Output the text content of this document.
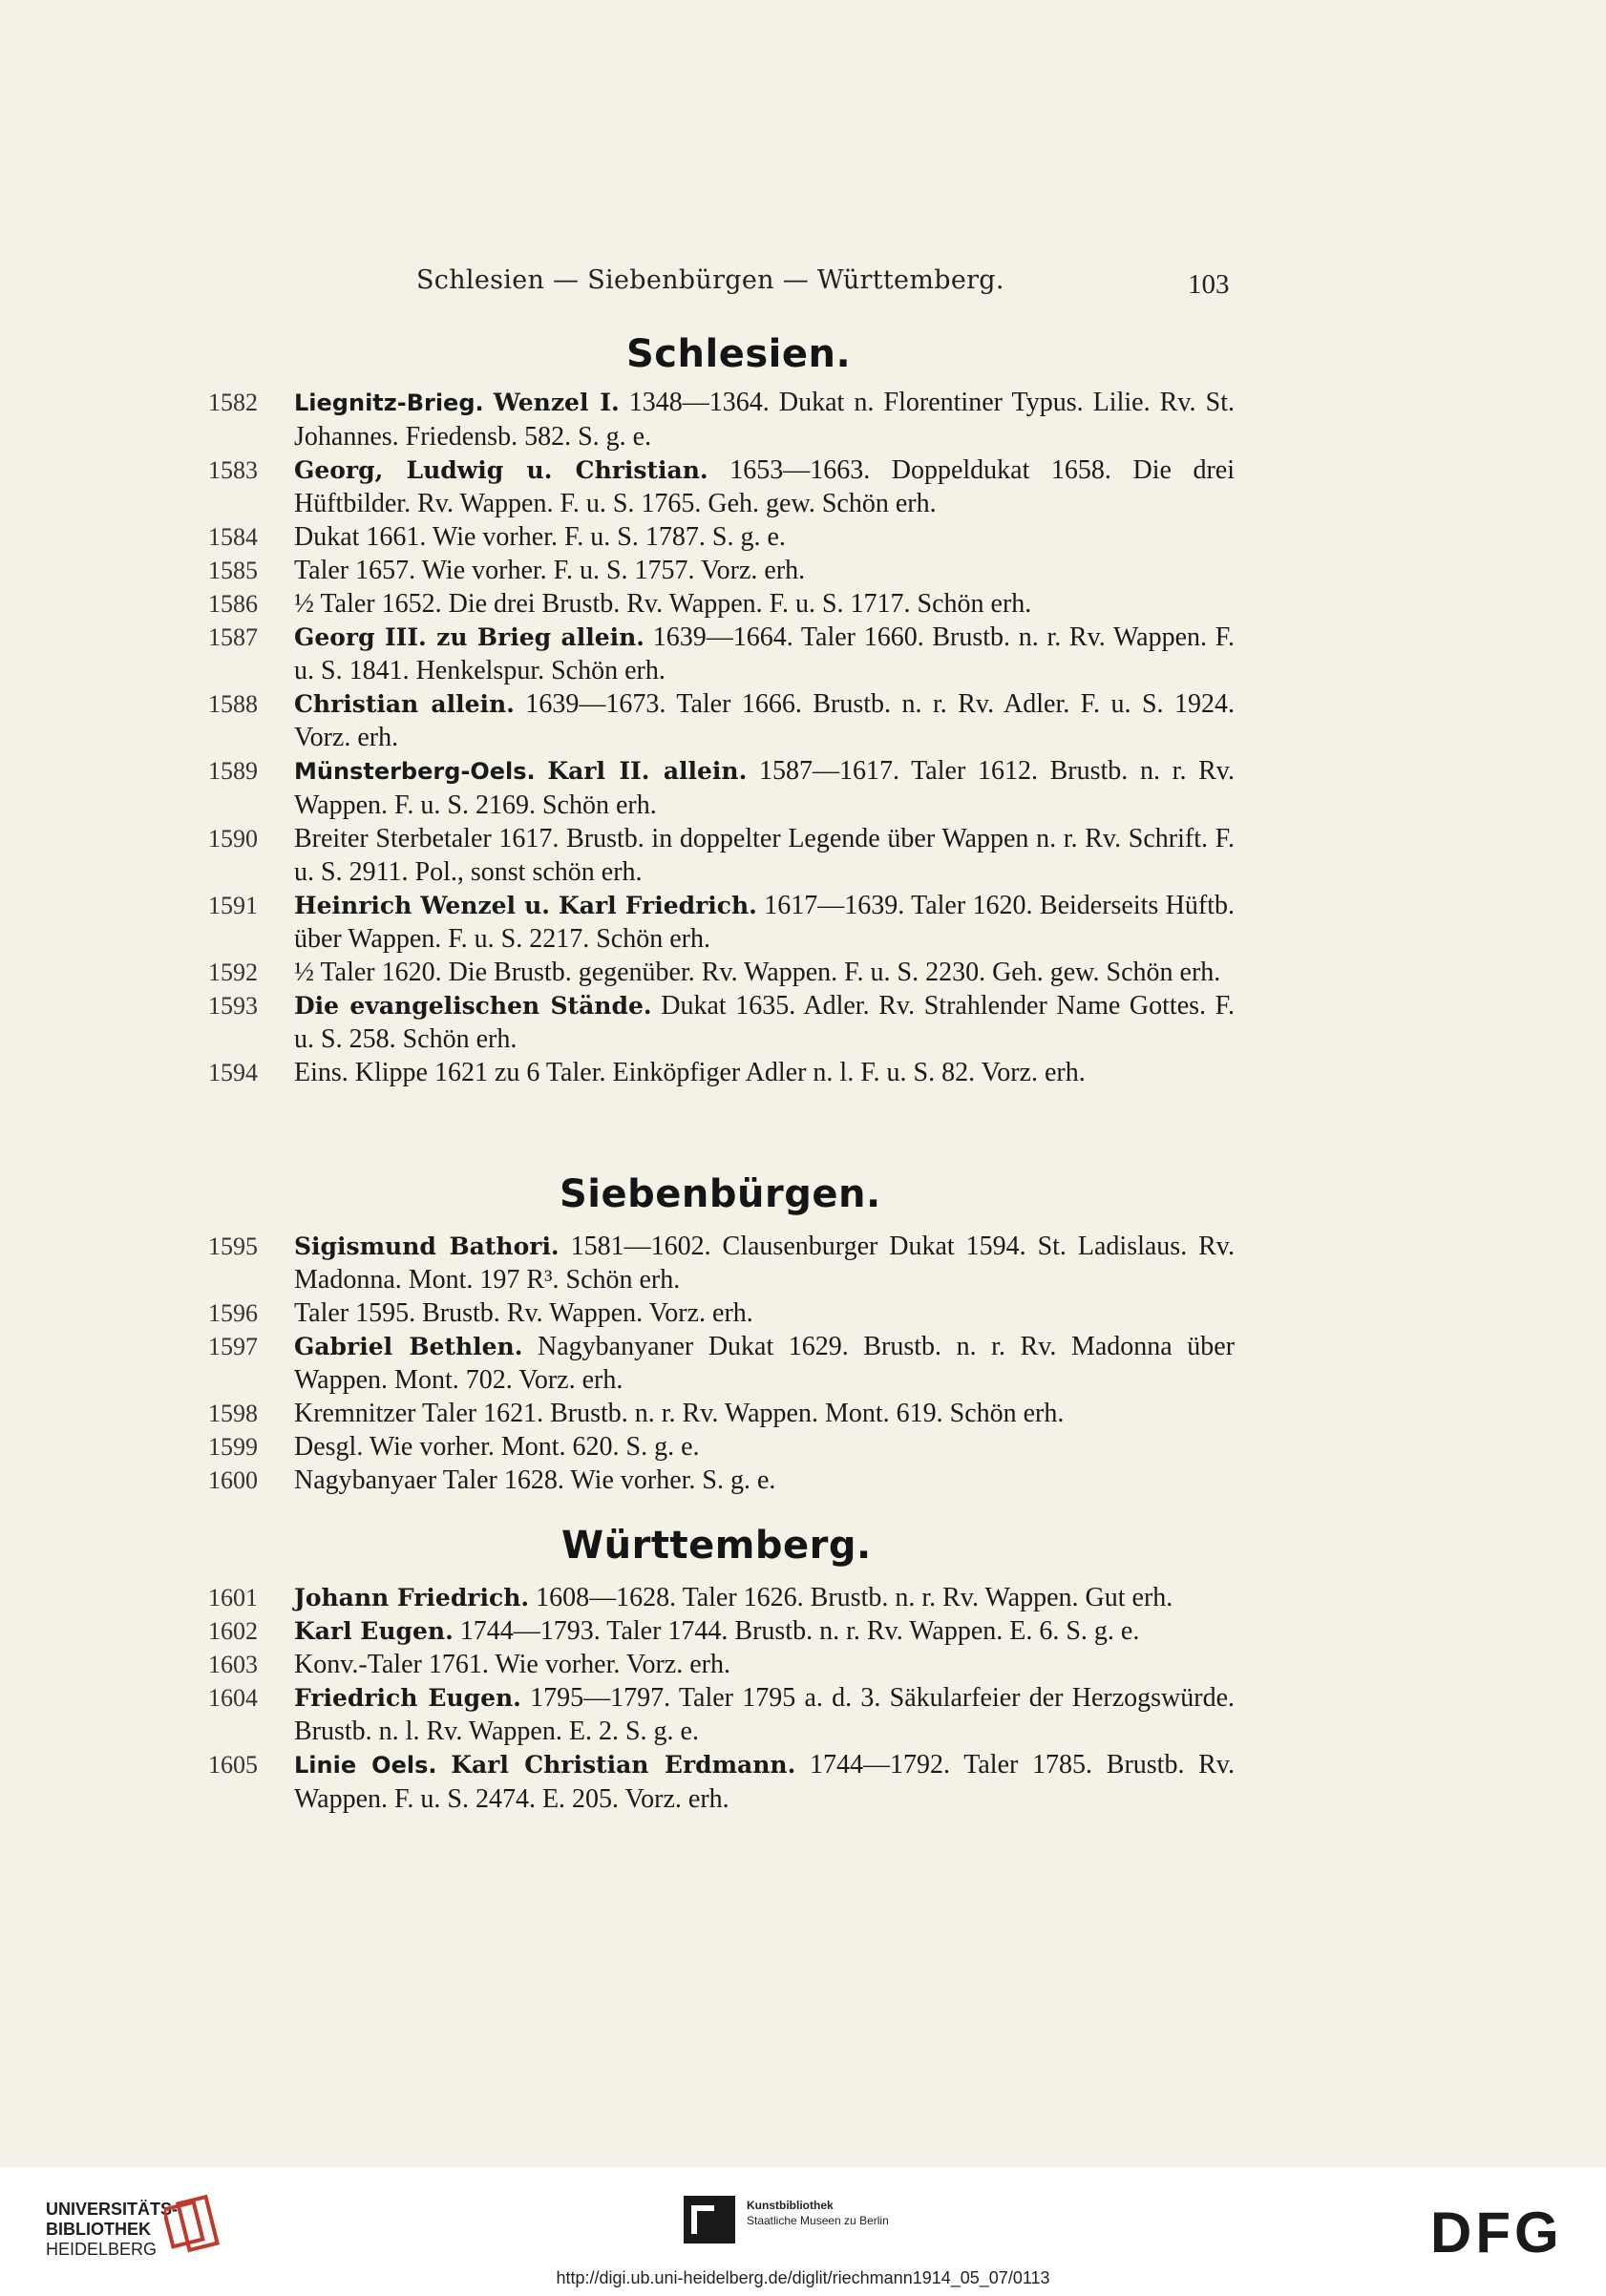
Schlesien — Siebenbürgen — Württemberg.	103
Schlesien.
1582	Liegnitz-Brieg. Wenzel I. 1348—1364. Dukat n. Florentiner Typus. Lilie. Rv. St. Johannes. Friedensb. 582. S. g. e.
1583	Georg, Ludwig u. Christian. 1653—1663. Doppeldukat 1658. Die drei Hüftbilder. Rv. Wappen. F. u. S. 1765. Geh. gew. Schön erh.
1584	Dukat 1661. Wie vorher. F. u. S. 1787. S. g. e.
1585	Taler 1657. Wie vorher. F. u. S. 1757. Vorz. erh.
1586	½ Taler 1652. Die drei Brustb. Rv. Wappen. F. u. S. 1717. Schön erh.
1587	Georg III. zu Brieg allein. 1639—1664. Taler 1660. Brustb. n. r. Rv. Wappen. F. u. S. 1841. Henkelspur. Schön erh.
1588	Christian allein. 1639—1673. Taler 1666. Brustb. n. r. Rv. Adler. F. u. S. 1924. Vorz. erh.
1589	Münsterberg-Oels. Karl II. allein. 1587—1617. Taler 1612. Brustb. n. r. Rv. Wappen. F. u. S. 2169. Schön erh.
1590	Breiter Sterbetaler 1617. Brustb. in doppelter Legende über Wappen n. r. Rv. Schrift. F. u. S. 2911. Pol., sonst schön erh.
1591	Heinrich Wenzel u. Karl Friedrich. 1617—1639. Taler 1620. Beiderseits Hüftb. über Wappen. F. u. S. 2217. Schön erh.
1592	½ Taler 1620. Die Brustb. gegenüber. Rv. Wappen. F. u. S. 2230. Geh. gew. Schön erh.
1593	Die evangelischen Stände. Dukat 1635. Adler. Rv. Strahlender Name Gottes. F. u. S. 258. Schön erh.
1594	Eins. Klippe 1621 zu 6 Taler. Einköpfiger Adler n. l. F. u. S. 82. Vorz. erh.
Siebenbürgen.
1595	Sigismund Bathori. 1581—1602. Clausenburger Dukat 1594. St. Ladislaus. Rv. Madonna. Mont. 197 R³. Schön erh.
1596	Taler 1595. Brustb. Rv. Wappen. Vorz. erh.
1597	Gabriel Bethlen. Nagybanyaner Dukat 1629. Brustb. n. r. Rv. Madonna über Wappen. Mont. 702. Vorz. erh.
1598	Kremnitzer Taler 1621. Brustb. n. r. Rv. Wappen. Mont. 619. Schön erh.
1599	Desgl. Wie vorher. Mont. 620. S. g. e.
1600	Nagybanyaer Taler 1628. Wie vorher. S. g. e.
Württemberg.
1601	Johann Friedrich. 1608—1628. Taler 1626. Brustb. n. r. Rv. Wappen. Gut erh.
1602	Karl Eugen. 1744—1793. Taler 1744. Brustb. n. r. Rv. Wappen. E. 6. S. g. e.
1603	Konv.-Taler 1761. Wie vorher. Vorz. erh.
1604	Friedrich Eugen. 1795—1797. Taler 1795 a. d. 3. Säkularfeier der Herzogswürde. Brustb. n. l. Rv. Wappen. E. 2. S. g. e.
1605	Linie Oels. Karl Christian Erdmann. 1744—1792. Taler 1785. Brustb. Rv. Wappen. F. u. S. 2474. E. 205. Vorz. erh.
UNIVERSITÄTS-
BIBLIOTHEK
HEIDELBERG
Kunstbibliothek
Staatliche Museen zu Berlin	DFG
http://digi.ub.uni-heidelberg.de/diglit/riechmann1914_05_07/0113
